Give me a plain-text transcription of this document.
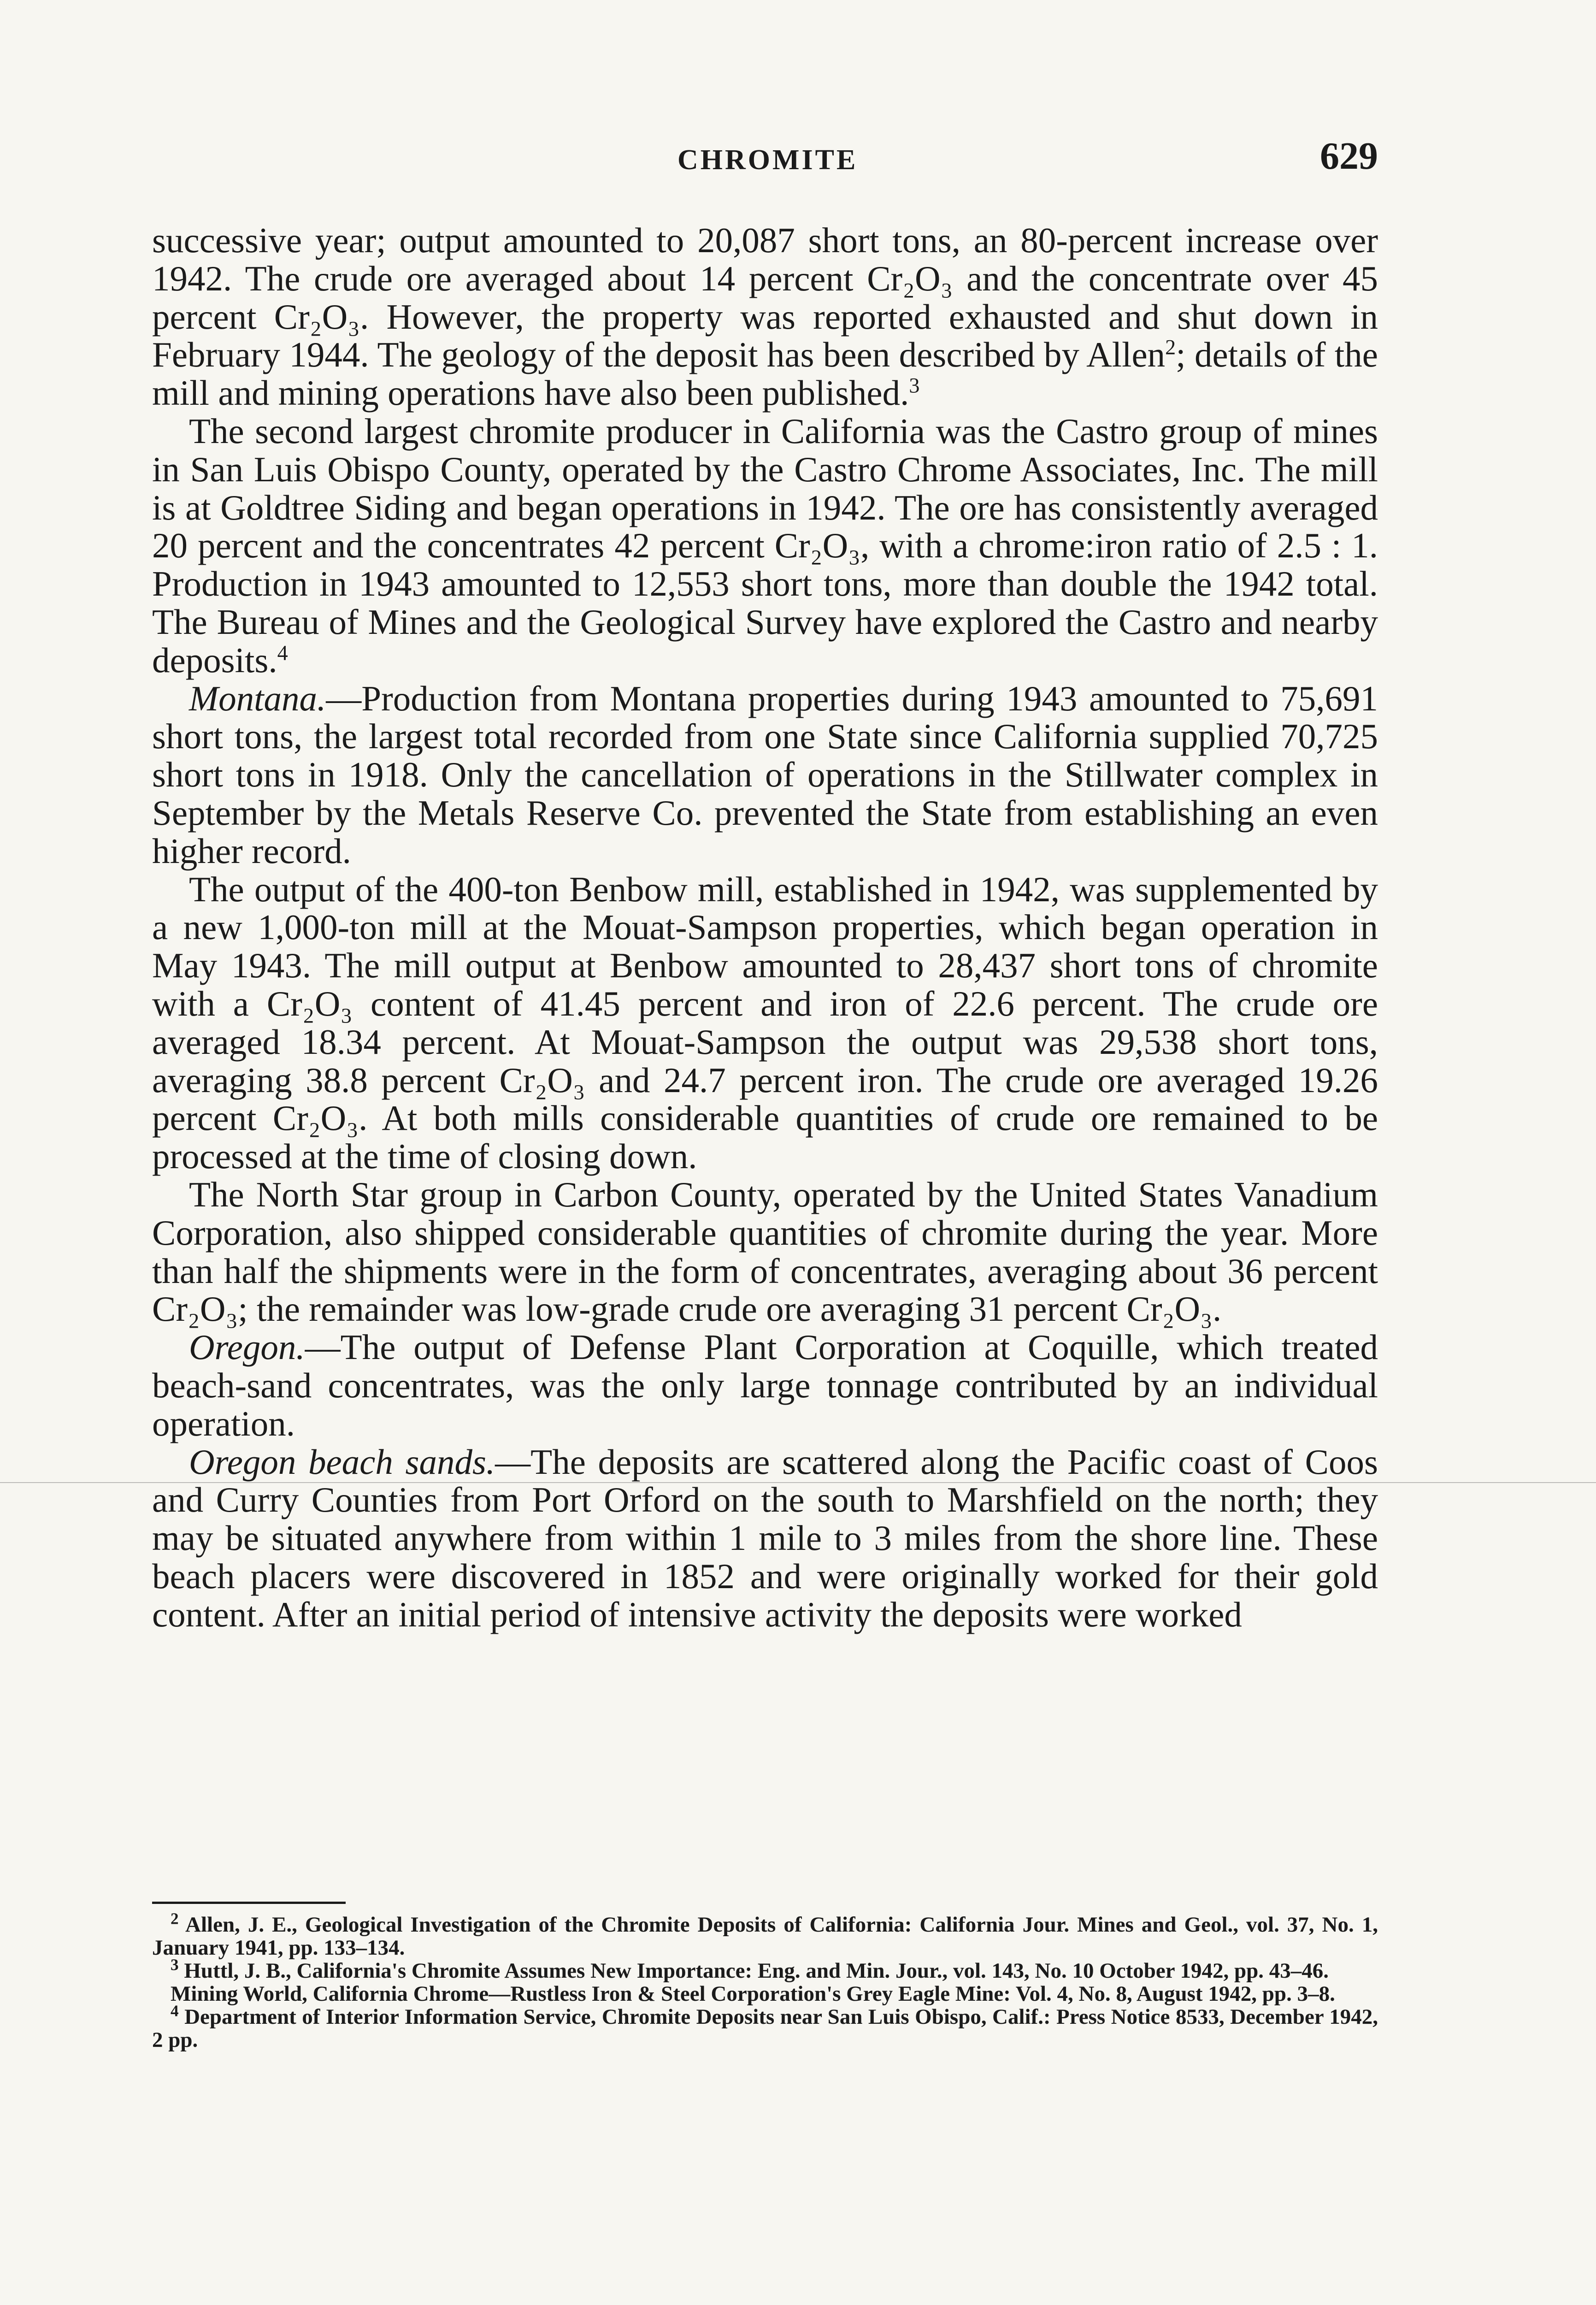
CHROMITE	629

successive year; output amounted to 20,087 short tons, an 80-percent increase over 1942. The crude ore averaged about 14 percent Cr₂O₃ and the concentrate over 45 percent Cr₂O₃. However, the property was reported exhausted and shut down in February 1944. The geology of the deposit has been described by Allen$^2$; details of the mill and mining operations have also been published.$^3$

The second largest chromite producer in California was the Castro group of mines in San Luis Obispo County, operated by the Castro Chrome Associates, Inc. The mill is at Goldtree Siding and began operations in 1942. The ore has consistently averaged 20 percent and the concentrates 42 percent Cr₂O₃, with a chrome:iron ratio of 2.5 : 1. Production in 1943 amounted to 12,553 short tons, more than double the 1942 total. The Bureau of Mines and the Geological Survey have explored the Castro and nearby deposits.$^4$

Montana.—Production from Montana properties during 1943 amounted to 75,691 short tons, the largest total recorded from one State since California supplied 70,725 short tons in 1918. Only the cancellation of operations in the Stillwater complex in September by the Metals Reserve Co. prevented the State from establishing an even higher record.

The output of the 400-ton Benbow mill, established in 1942, was supplemented by a new 1,000-ton mill at the Mouat-Sampson properties, which began operation in May 1943. The mill output at Benbow amounted to 28,437 short tons of chromite with a Cr₂O₃ content of 41.45 percent and iron of 22.6 percent. The crude ore averaged 18.34 percent. At Mouat-Sampson the output was 29,538 short tons, averaging 38.8 percent Cr₂O₃ and 24.7 percent iron. The crude ore averaged 19.26 percent Cr₂O₃. At both mills considerable quantities of crude ore remained to be processed at the time of closing down.

The North Star group in Carbon County, operated by the United States Vanadium Corporation, also shipped considerable quantities of chromite during the year. More than half the shipments were in the form of concentrates, averaging about 36 percent Cr₂O₃; the remainder was low-grade crude ore averaging 31 percent Cr₂O₃.

Oregon.—The output of Defense Plant Corporation at Coquille, which treated beach-sand concentrates, was the only large tonnage contributed by an individual operation.

Oregon beach sands.—The deposits are scattered along the Pacific coast of Coos and Curry Counties from Port Orford on the south to Marshfield on the north; they may be situated anywhere from within 1 mile to 3 miles from the shore line. These beach placers were discovered in 1852 and were originally worked for their gold content. After an initial period of intensive activity the deposits were worked

$^2$ Allen, J. E., Geological Investigation of the Chromite Deposits of California: California Jour. Mines and Geol., vol. 37, No. 1, January 1941, pp. 133–134.

$^3$ Huttl, J. B., California's Chromite Assumes New Importance: Eng. and Min. Jour., vol. 143, No. 10 October 1942, pp. 43–46.

Mining World, California Chrome—Rustless Iron & Steel Corporation's Grey Eagle Mine: Vol. 4, No. 8, August 1942, pp. 3–8.

$^4$ Department of Interior Information Service, Chromite Deposits near San Luis Obispo, Calif.: Press Notice 8533, December 1942, 2 pp.
